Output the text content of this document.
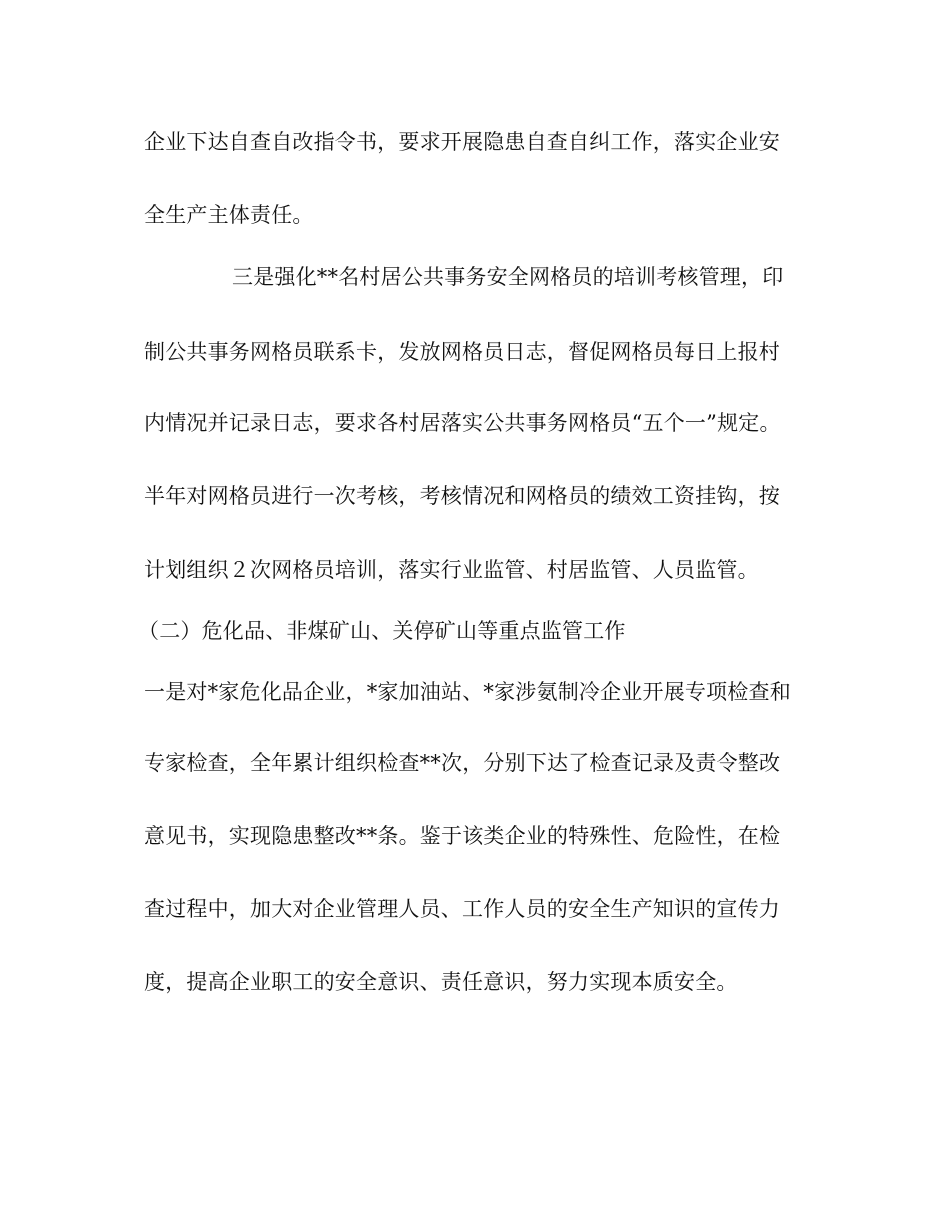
企业下达自查自改指令书，要求开展隐患自查自纠工作，落实企业安
全生产主体责任。
三是强化**名村居公共事务安全网格员的培训考核管理，印
制公共事务网格员联系卡，发放网格员日志，督促网格员每日上报村
内情况并记录日志，要求各村居落实公共事务网格员“五个一”规定。
半年对网格员进行一次考核，考核情况和网格员的绩效工资挂钩，按
计划组织２次网格员培训，落实行业监管、村居监管、人员监管。
（二）危化品、非煤矿山、关停矿山等重点监管工作
一是对*家危化品企业，*家加油站、*家涉氨制冷企业开展专项检查和
专家检查，全年累计组织检查**次，分别下达了检查记录及责令整改
意见书，实现隐患整改**条。鉴于该类企业的特殊性、危险性，在检
查过程中，加大对企业管理人员、工作人员的安全生产知识的宣传力
度，提高企业职工的安全意识、责任意识，努力实现本质安全。
